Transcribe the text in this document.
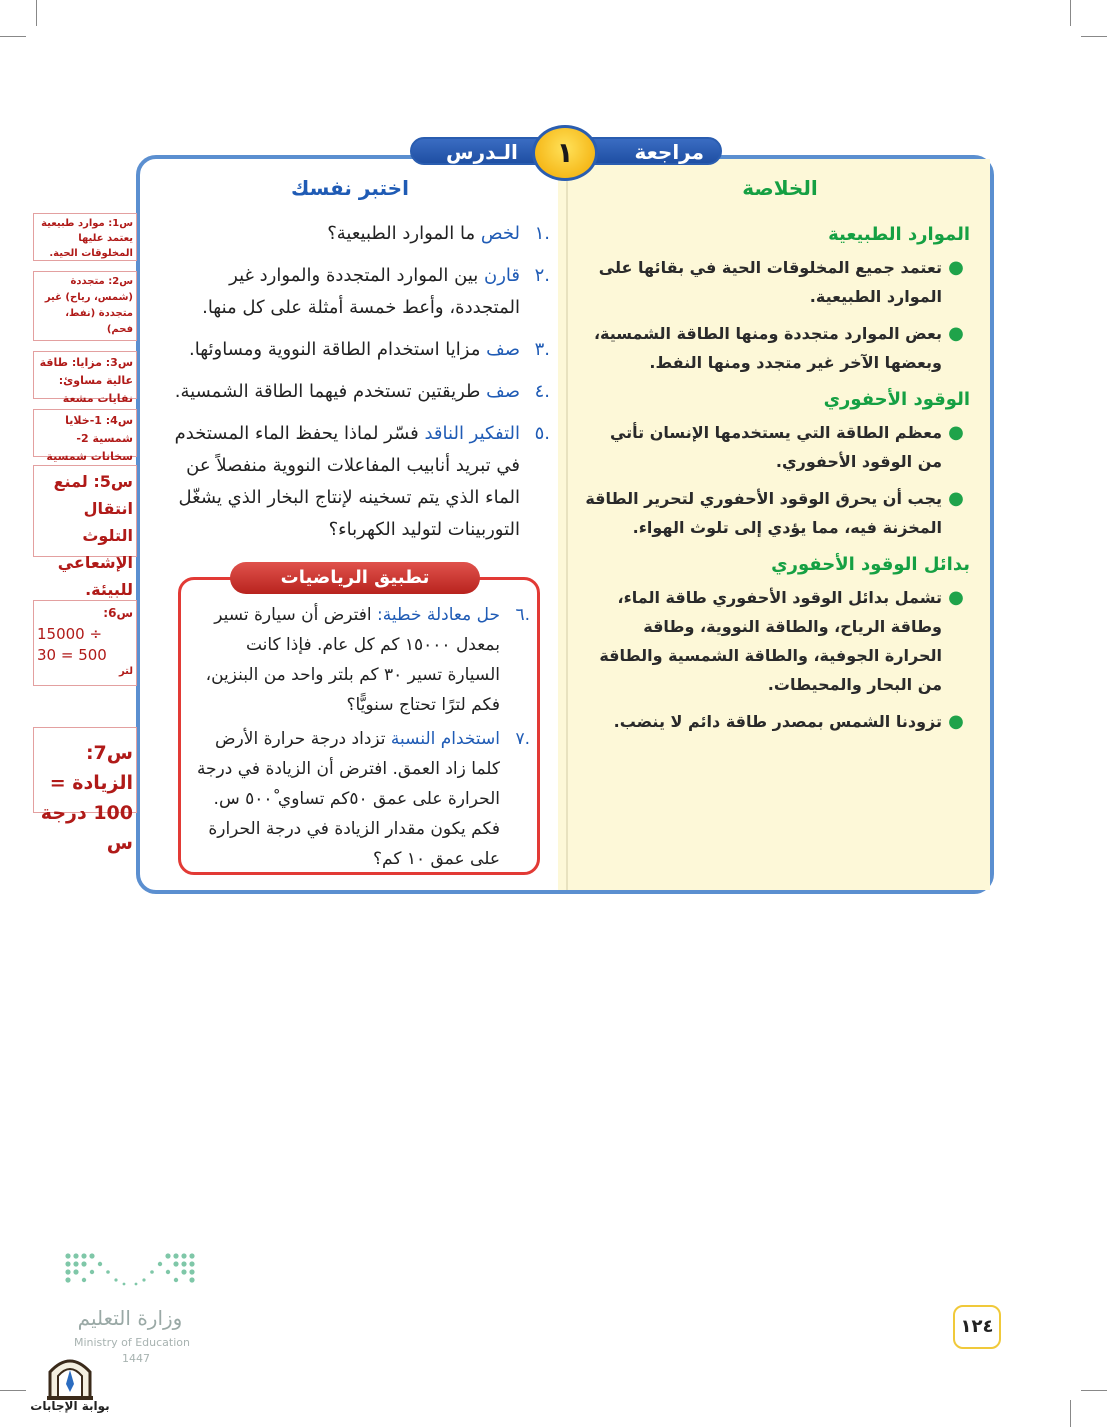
مراجعة
الـدرس	١
اختبر نفسك	الخلاصة
.١
لخص ما الموارد الطبيعية؟
.٢
قارن بين الموارد المتجددة والموارد غير المتجددة، وأعط خمسة أمثلة على كل منها.
.٣
صف مزايا استخدام الطاقة النووية ومساوئها.
.٤
صف طريقتين تستخدم فيهما الطاقة الشمسية.
.٥
التفكير الناقد فسّر لماذا يحفظ الماء المستخدم في تبريد أنابيب المفاعلات النووية منفصلاً عن الماء الذي يتم تسخينه لإنتاج البخار الذي يشغّل التوربينات لتوليد الكهرباء؟
تطبيق الرياضيات
.٦
حل معادلة خطية: افترض أن سيارة تسير بمعدل ١٥٠٠٠ كم كل عام. فإذا كانت السيارة تسير ٣٠ كم بلتر واحد من البنزين، فكم لترًا تحتاج سنويًّا؟
.٧
استخدام النسبة تزداد درجة حرارة الأرض كلما زاد العمق. افترض أن الزيادة في درجة الحرارة على عمق ٥٠كم تساوي ٥٠٠ْ س. فكم يكون مقدار الزيادة في درجة الحرارة على عمق ١٠ كم؟
الموارد الطبيعية
●
تعتمد جميع المخلوقات الحية في بقائها على الموارد الطبيعية.
●
بعض الموارد متجددة ومنها الطاقة الشمسية، وبعضها الآخر غير متجدد ومنها النفط.
الوقود الأحفوري
●
معظم الطاقة التي يستخدمها الإنسان تأتي من الوقود الأحفوري.
●
يجب أن يحرق الوقود الأحفوري لتحرير الطاقة المخزنة فيه، مما يؤدي إلى تلوث الهواء.
بدائل الوقود الأحفوري
●
تشمل بدائل الوقود الأحفوري طاقة الماء، وطاقة الرياح، والطاقة النووية، وطاقة الحرارة الجوفية، والطاقة الشمسية والطاقة من البحار والمحيطات.
●
تزودنا الشمس بمصدر طاقة دائم لا ينضب.
س1: موارد طبيعية يعتمد عليها المخلوقات الحية.
س2: متجددة (شمس، رياح) غير متجددة (نفط، فحم)
س3: مزايا: طاقة عالية مساوئ: نفايات مشعة
س4: 1-خلايا شمسية 2-سخانات شمسية
س5: لمنع انتقال التلوث الإشعاعي للبيئة.
س6:
15000 ÷
30 = 500
لتر
س7: الزيادة = 100 درجة س
١٢٤
وزارة التعليم
Ministry of Education
1447
بوابة الإجابات
